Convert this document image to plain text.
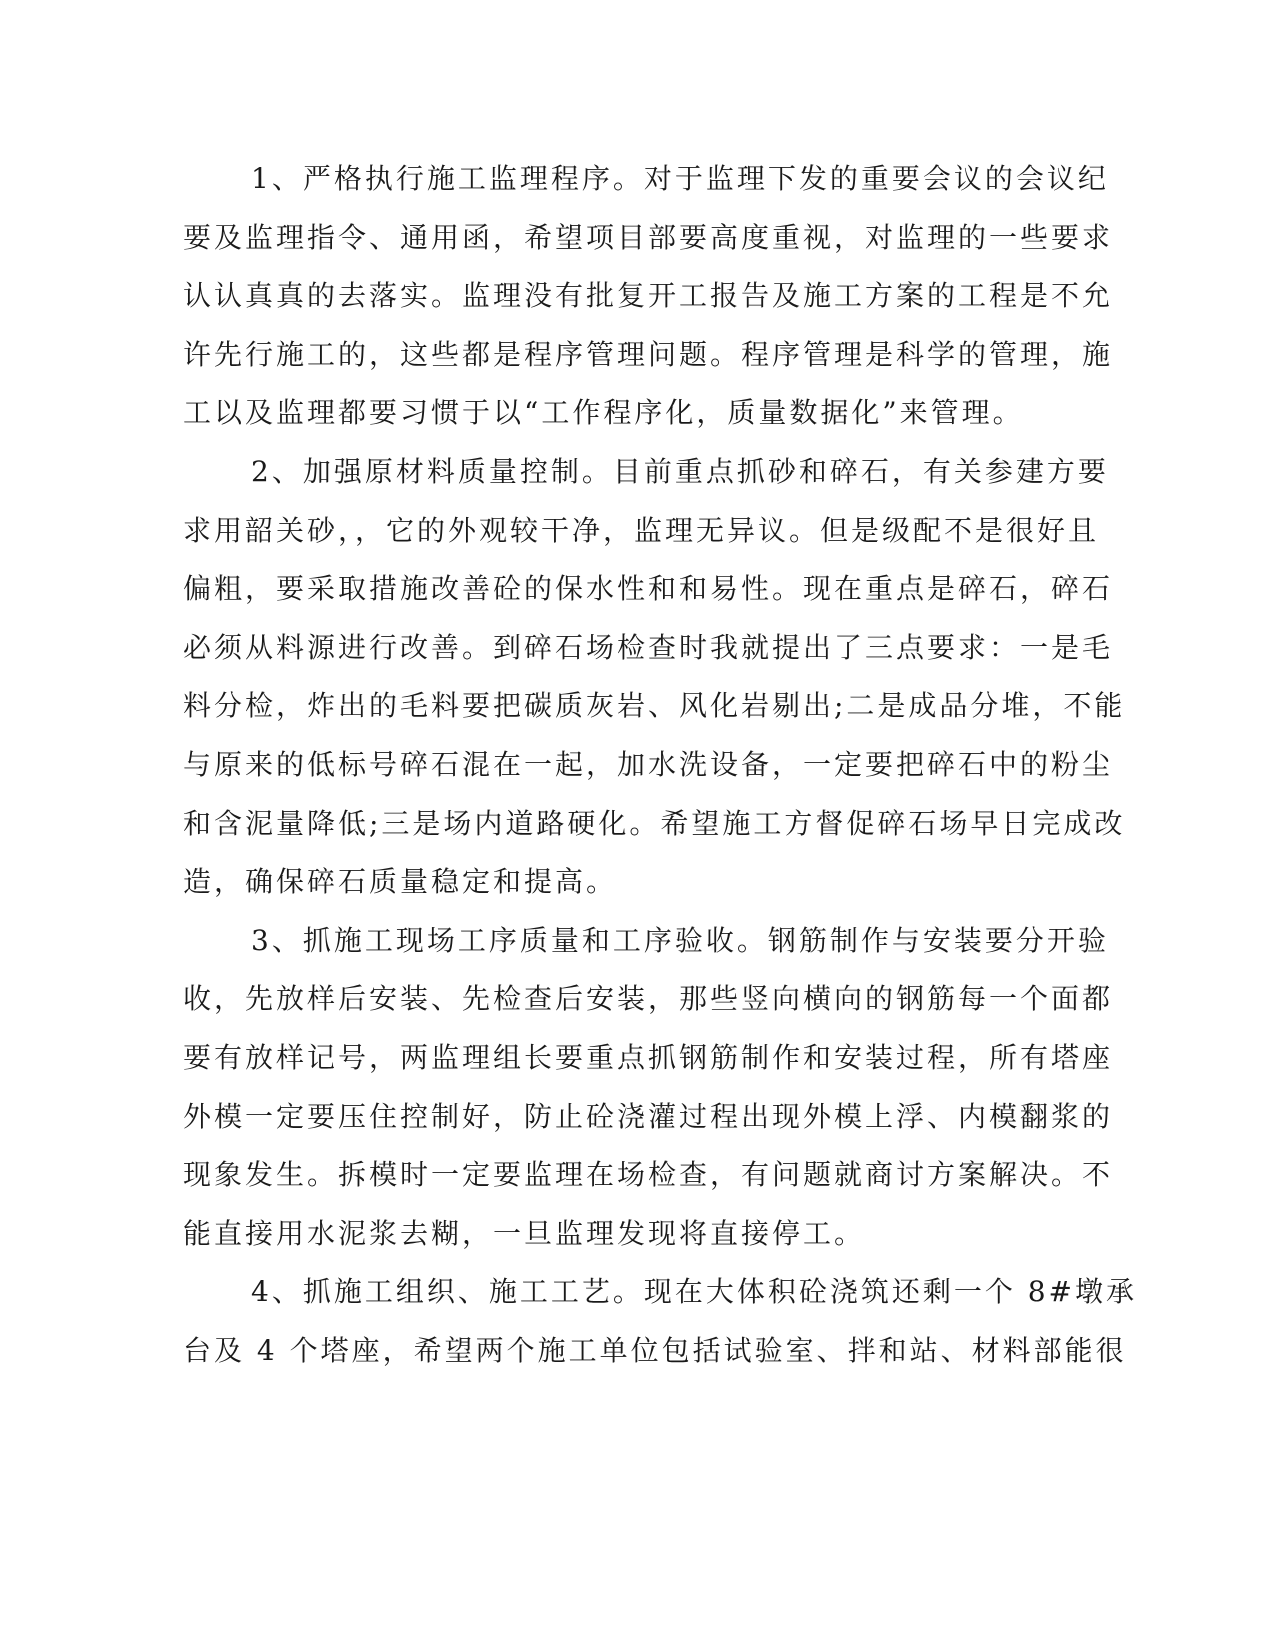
1、严格执行施工监理程序。对于监理下发的重要会议的会议纪
要及监理指令、通用函，希望项目部要高度重视，对监理的一些要求
认认真真的去落实。监理没有批复开工报告及施工方案的工程是不允
许先行施工的，这些都是程序管理问题。程序管理是科学的管理，施
工以及监理都要习惯于以“工作程序化，质量数据化”来管理。

2、加强原材料质量控制。目前重点抓砂和碎石，有关参建方要
求用韶关砂，，它的外观较干净，监理无异议。但是级配不是很好且
偏粗，要采取措施改善砼的保水性和和易性。现在重点是碎石，碎石
必须从料源进行改善。到碎石场检查时我就提出了三点要求：一是毛
料分检，炸出的毛料要把碳质灰岩、风化岩剔出;二是成品分堆，不能
与原来的低标号碎石混在一起，加水洗设备，一定要把碎石中的粉尘
和含泥量降低;三是场内道路硬化。希望施工方督促碎石场早日完成改
造，确保碎石质量稳定和提高。

3、抓施工现场工序质量和工序验收。钢筋制作与安装要分开验
收，先放样后安装、先检查后安装，那些竖向横向的钢筋每一个面都
要有放样记号，两监理组长要重点抓钢筋制作和安装过程，所有塔座
外模一定要压住控制好，防止砼浇灌过程出现外模上浮、内模翻浆的
现象发生。拆模时一定要监理在场检查，有问题就商讨方案解决。不
能直接用水泥浆去糊，一旦监理发现将直接停工。

4、抓施工组织、施工工艺。现在大体积砼浇筑还剩一个 8#墩承
台及 4 个塔座，希望两个施工单位包括试验室、拌和站、材料部能很
